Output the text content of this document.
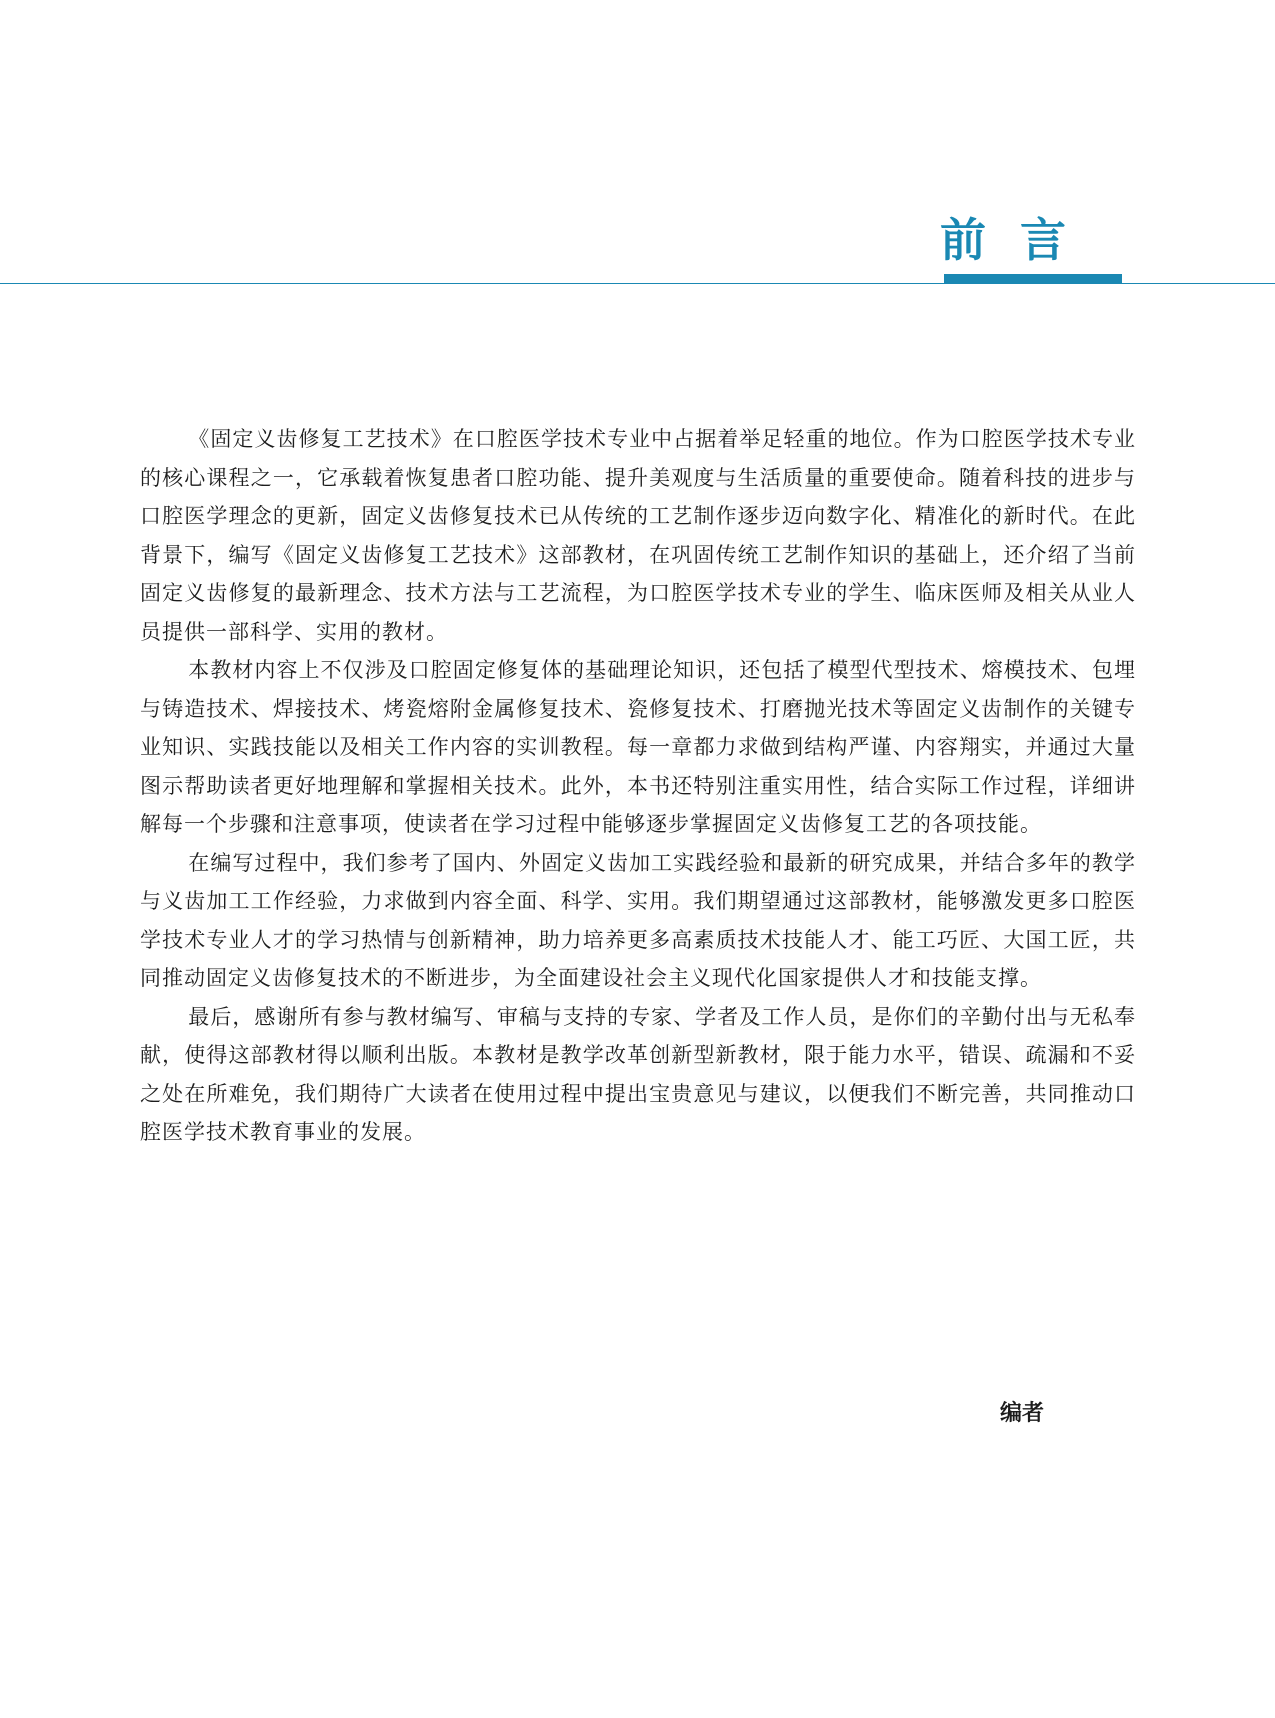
前言

《固定义齿修复工艺技术》在口腔医学技术专业中占据着举足轻重的地位。作为口腔医学技术专业的核心课程之一，它承载着恢复患者口腔功能、提升美观度与生活质量的重要使命。随着科技的进步与口腔医学理念的更新，固定义齿修复技术已从传统的工艺制作逐步迈向数字化、精准化的新时代。在此背景下，编写《固定义齿修复工艺技术》这部教材，在巩固传统工艺制作知识的基础上，还介绍了当前固定义齿修复的最新理念、技术方法与工艺流程，为口腔医学技术专业的学生、临床医师及相关从业人员提供一部科学、实用的教材。

本教材内容上不仅涉及口腔固定修复体的基础理论知识，还包括了模型代型技术、熔模技术、包埋与铸造技术、焊接技术、烤瓷熔附金属修复技术、瓷修复技术、打磨抛光技术等固定义齿制作的关键专业知识、实践技能以及相关工作内容的实训教程。每一章都力求做到结构严谨、内容翔实，并通过大量图示帮助读者更好地理解和掌握相关技术。此外，本书还特别注重实用性，结合实际工作过程，详细讲解每一个步骤和注意事项，使读者在学习过程中能够逐步掌握固定义齿修复工艺的各项技能。

在编写过程中，我们参考了国内、外固定义齿加工实践经验和最新的研究成果，并结合多年的教学与义齿加工工作经验，力求做到内容全面、科学、实用。我们期望通过这部教材，能够激发更多口腔医学技术专业人才的学习热情与创新精神，助力培养更多高素质技术技能人才、能工巧匠、大国工匠，共同推动固定义齿修复技术的不断进步，为全面建设社会主义现代化国家提供人才和技能支撑。

最后，感谢所有参与教材编写、审稿与支持的专家、学者及工作人员，是你们的辛勤付出与无私奉献，使得这部教材得以顺利出版。本教材是教学改革创新型新教材，限于能力水平，错误、疏漏和不妥之处在所难免，我们期待广大读者在使用过程中提出宝贵意见与建议，以便我们不断完善，共同推动口腔医学技术教育事业的发展。

编者
